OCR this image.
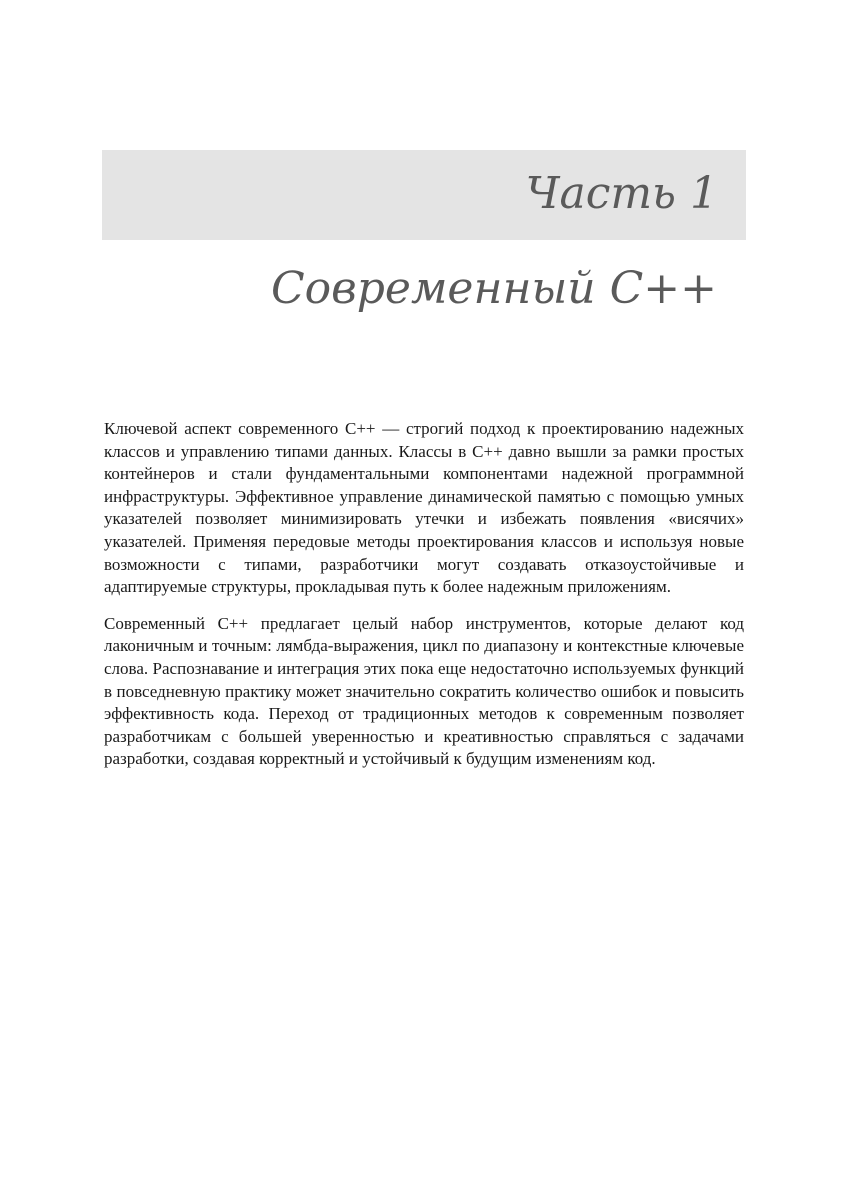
Часть 1
Современный C++

Ключевой аспект современного C++ — строгий подход к проектированию надежных классов и управлению типами данных. Классы в C++ давно вышли за рамки простых контейнеров и стали фундаментальными компонентами надежной программной инфраструктуры. Эффективное управление динамической памятью с помощью умных указателей позволяет минимизировать утечки и избежать появления «висячих» указателей. Применяя передовые методы проектирования классов и используя новые возможности с типами, разработчики могут создавать отказоустойчивые и адаптируемые структуры, прокладывая путь к более надежным приложениям.

Современный C++ предлагает целый набор инструментов, которые делают код лаконичным и точным: лямбда-выражения, цикл по диапазону и контекстные ключевые слова. Распознавание и интеграция этих пока еще недостаточно используемых функций в повседневную практику может значительно сократить количество ошибок и повысить эффективность кода. Переход от традиционных методов к современным позволяет разработчикам с большей уверенностью и креативностью справляться с задачами разработки, создавая корректный и устойчивый к будущим изменениям код.
